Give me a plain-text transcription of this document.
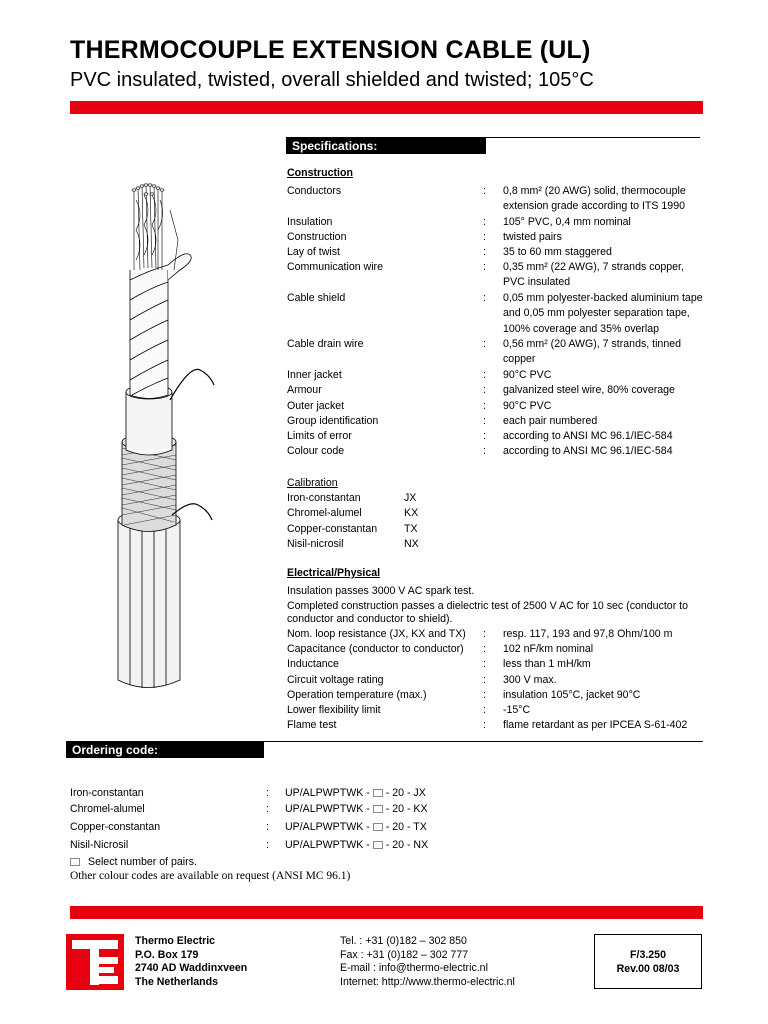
THERMOCOUPLE EXTENSION CABLE (UL)
PVC insulated, twisted, overall shielded and twisted; 105°C
Specifications:
Construction
Conductors	: 0,8 mm² (20 AWG) solid, thermocouple extension grade according to ITS 1990
Insulation	: 105° PVC, 0,4 mm nominal
Construction	: twisted pairs
Lay of twist	: 35 to 60 mm staggered
Communication wire	: 0,35 mm² (22 AWG), 7 strands copper, PVC insulated
Cable shield	: 0,05 mm polyester-backed aluminium tape and 0,05 mm polyester separation tape, 100% coverage and 35% overlap
Cable drain wire	: 0,56 mm² (20 AWG), 7 strands, tinned copper
Inner jacket	: 90°C PVC
Armour	: galvanized steel wire, 80% coverage
Outer jacket	: 90°C PVC
Group identification	: each pair numbered
Limits of error	: according to ANSI MC 96.1/IEC-584
Colour code	: according to ANSI MC 96.1/IEC-584
Calibration
Iron-constantan	JX
Chromel-alumel	KX
Copper-constantan	TX
Nisil-nicrosil	NX
Electrical/Physical
Insulation passes 3000 V AC spark test.
Completed construction passes a dielectric test of 2500 V AC for 10 sec (conductor to conductor and conductor to shield).
Nom. loop resistance (JX, KX and TX) : resp. 117, 193 and 97,8 Ohm/100 m
Capacitance (conductor to conductor) : 102 nF/km nominal
Inductance	: less than 1 mH/km
Circuit voltage rating	: 300 V max.
Operation temperature (max.)	: insulation 105°C, jacket 90°C
Lower flexibility limit	: -15°C
Flame test	: flame retardant as per IPCEA S-61-402
Ordering code:
Iron-constantan	: UP/ALPWPTWK - - 20 - JX
Chromel-alumel	: UP/ALPWPTWK - - 20 - KX
Copper-constantan	: UP/ALPWPTWK - - 20 - TX
Nisil-Nicrosil	: UP/ALPWPTWK - - 20 - NX
Select number of pairs.
Other colour codes are available on request (ANSI MC 96.1)
Thermo Electric
P.O. Box 179
2740 AD Waddinxveen
The Netherlands
Tel. : +31 (0)182 – 302 850
Fax : +31 (0)182 – 302 777
E-mail : info@thermo-electric.nl
Internet: http://www.thermo-electric.nl
F/3.250
Rev.00 08/03
